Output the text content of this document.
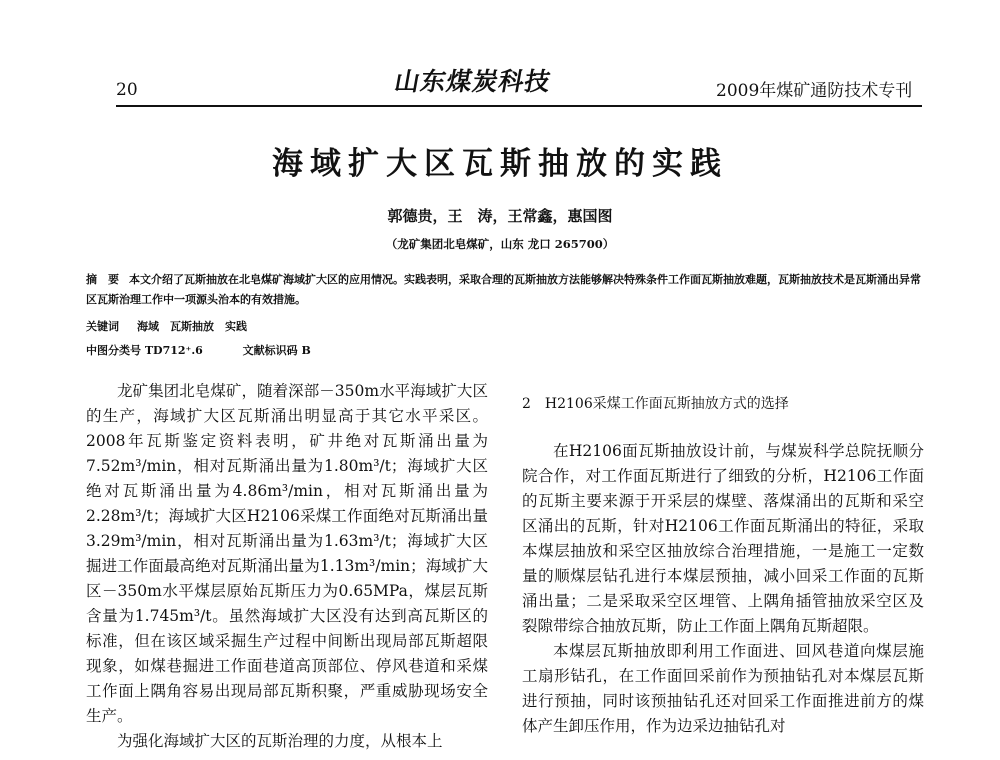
20	山东煤炭科技	2009年煤矿通防技术专刊
海域扩大区瓦斯抽放的实践
郭德贵，王　涛，王常鑫，惠国图
（龙矿集团北皂煤矿，山东 龙口 265700）
摘　要 本文介绍了瓦斯抽放在北皂煤矿海域扩大区的应用情况。实践表明，采取合理的瓦斯抽放方法能够解决特殊条件工作面瓦斯抽放难题，瓦斯抽放技术是瓦斯涌出异常区瓦斯治理工作中一项源头治本的有效措施。
关键词 海域　瓦斯抽放　实践
中图分类号 TD712⁺.6	文献标识码 B

龙矿集团北皂煤矿，随着深部－350m水平海域扩大区的生产，海域扩大区瓦斯涌出明显高于其它水平采区。2008年瓦斯鉴定资料表明，矿井绝对瓦斯涌出量为7.52m³/min，相对瓦斯涌出量为1.80m³/t；海域扩大区绝对瓦斯涌出量为4.86m³/min，相对瓦斯涌出量为2.28m³/t；海域扩大区H2106采煤工作面绝对瓦斯涌出量3.29m³/min，相对瓦斯涌出量为1.63m³/t；海域扩大区掘进工作面最高绝对瓦斯涌出量为1.13m³/min；海域扩大区－350m水平煤层原始瓦斯压力为0.65MPa，煤层瓦斯含量为1.745m³/t。虽然海域扩大区没有达到高瓦斯区的标准，但在该区域采掘生产过程中间断出现局部瓦斯超限现象，如煤巷掘进工作面巷道高顶部位、停风巷道和采煤工作面上隅角容易出现局部瓦斯积聚，严重威胁现场安全生产。

为强化海域扩大区的瓦斯治理的力度，从根本上

2　H2106采煤工作面瓦斯抽放方式的选择

在H2106面瓦斯抽放设计前，与煤炭科学总院抚顺分院合作，对工作面瓦斯进行了细致的分析，H2106工作面的瓦斯主要来源于开采层的煤壁、落煤涌出的瓦斯和采空区涌出的瓦斯，针对H2106工作面瓦斯涌出的特征，采取本煤层抽放和采空区抽放综合治理措施，一是施工一定数量的顺煤层钻孔进行本煤层预抽，减小回采工作面的瓦斯涌出量；二是采取采空区埋管、上隅角插管抽放采空区及裂隙带综合抽放瓦斯，防止工作面上隅角瓦斯超限。

本煤层瓦斯抽放即利用工作面进、回风巷道向煤层施工扇形钻孔，在工作面回采前作为预抽钻孔对本煤层瓦斯进行预抽，同时该预抽钻孔还对回采工作面推进前方的煤体产生卸压作用，作为边采边抽钻孔对
